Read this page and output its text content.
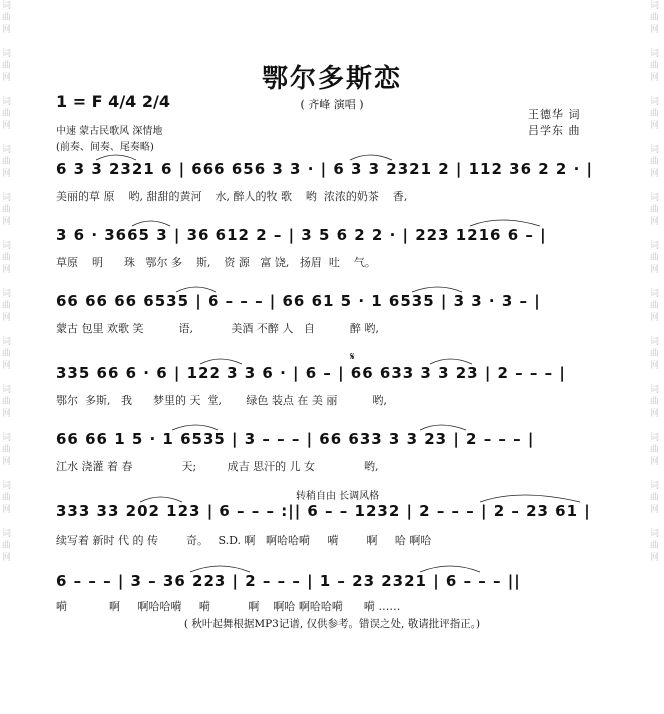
词
曲
网

词
曲
网

词
曲
网

词
曲
网

词
曲
网

词
曲
网

词
曲
网

词
曲
网

词
曲
网

词
曲
网

词
曲
网

词
曲
网

词
曲
网

词
曲
网

词
曲
网

词
曲
网

词
曲
网

词
曲
网

词
曲
网

词
曲
网

词
曲
网

词
曲
网

词
曲
网

词
曲
网

鄂尔多斯恋
( 齐峰 演唱 )
1 = F 4/4 2/4
王德华 词
吕学东 曲
中速 蒙古民歌风 深情地
(前奏、间奏、尾奏略)
6 3 3 2321 6 | 666 656 3 3 · | 6 3 3 2321 2 | 112 36 2 2 · |
美丽的草 原    哟, 甜甜的黄河    水, 醉人的牧 歌    哟  浓浓的奶茶    香,
3 6 · 3665 3 | 36 612 2 – | 3 5 6 2 2 · | 223 1216 6 – |
草原    明      珠   鄂尔 多    斯,    资 源   富 饶,   扬眉  吐    气。
66 66 66 6535 | 6 – – – | 66 61 5 · 1 6535 | 3 3 · 3 – |
蒙古 包里 欢歌 笑          语,           美酒 不醉 人   自          醉 哟,
𝄋
335 66 6 · 6 | 122 3 3 6 · | 6 – | 66 633 3 3 23 | 2 – – – |
鄂尔  多斯,   我      梦里的 天  堂,       绿色 装点 在 美 丽          哟,
66 66 1 5 · 1 6535 | 3 – – – | 66 633 3 3 23 | 2 – – – |
江水 浇灌 着 春              天;         成吉 思汗的 儿 女              哟,
转稍自由 长调风格
333 33 202 123 | 6 – – – :|| 6 – – 1232 | 2 – – – | 2 – 23 61 |
续写着 新时 代 的 传        奇。   S.D. 啊   啊哈哈嗬     嗬        啊     哈 啊哈
6 – – – | 3 – 36 223 | 2 – – – | 1 – 23 2321 | 6 – – – ||
嗬            啊     啊哈哈嗬     嗬           啊    啊哈 啊哈哈嗬      嗬 ……
( 秋叶起舞根据MP3记谱, 仅供参考。错误之处, 敬请批评指正。)
